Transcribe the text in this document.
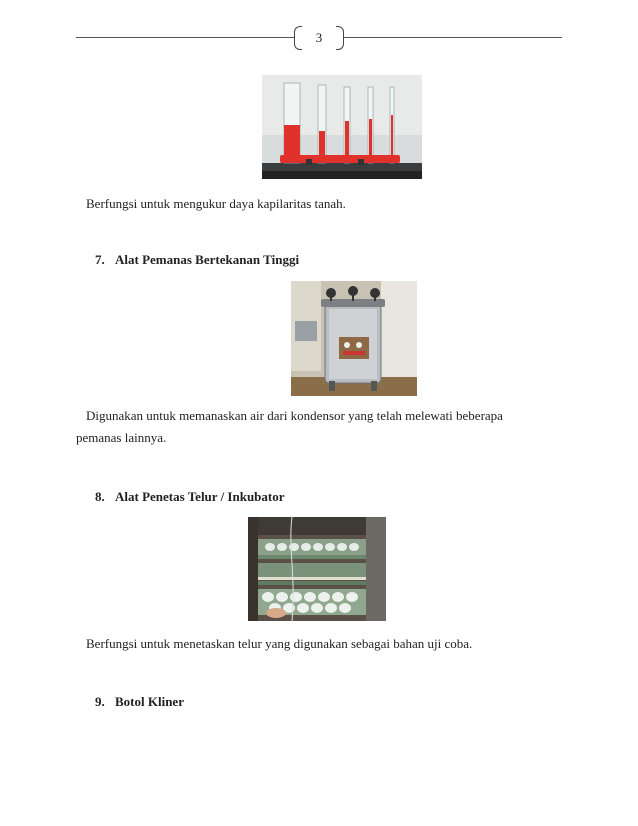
3

Berfungsi untuk mengukur daya kapilaritas tanah.

7. Alat Pemanas Bertekanan Tinggi

Digunakan untuk memanaskan air dari kondensor yang telah melewati beberapa

pemanas lainnya.

8. Alat Penetas Telur / Inkubator

Berfungsi untuk menetaskan telur yang digunakan sebagai bahan uji coba.

9. Botol Kliner
